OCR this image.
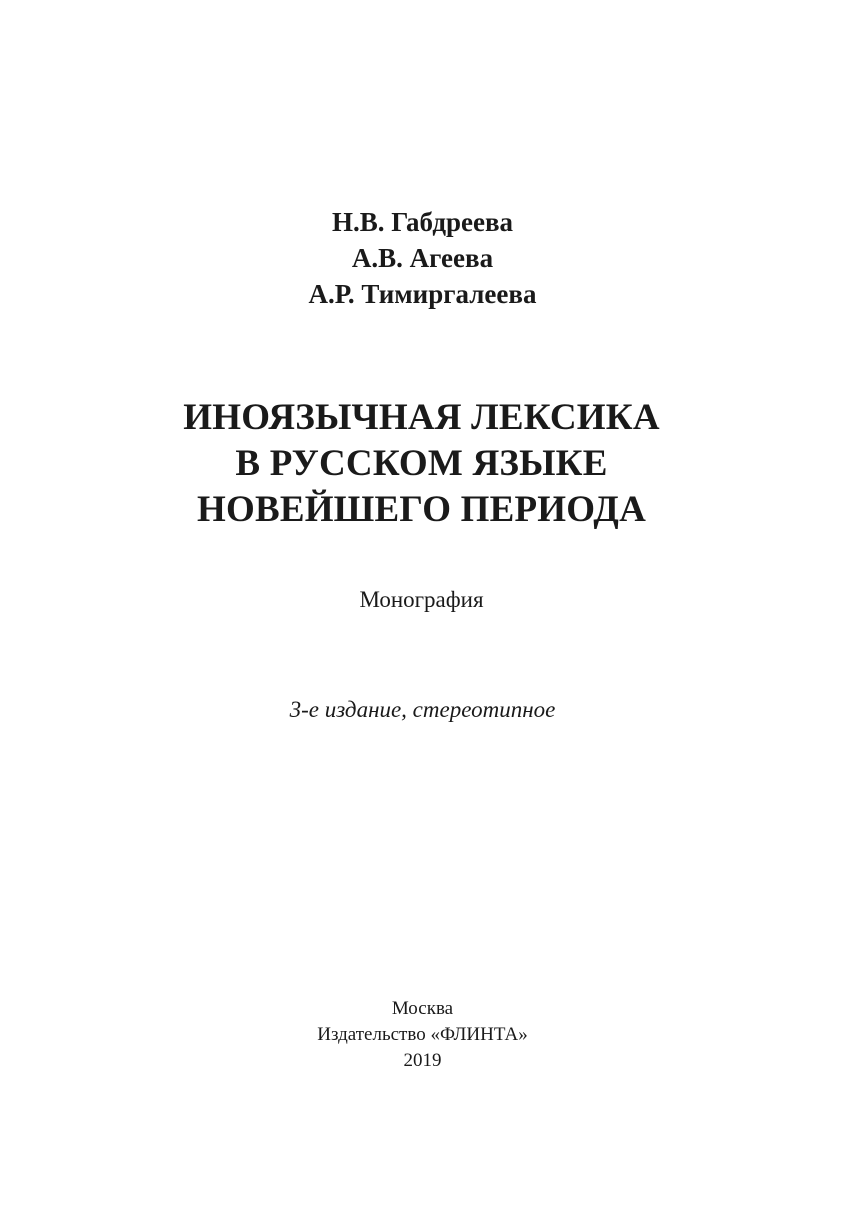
Н.В. Габдреева
А.В. Агеева
А.Р. Тимиргалеева
ИНОЯЗЫЧНАЯ ЛЕКСИКА
В РУССКОМ ЯЗЫКЕ
НОВЕЙШЕГО ПЕРИОДА
Монография
3-е издание, стереотипное
Москва
Издательство «ФЛИНТА»
2019
